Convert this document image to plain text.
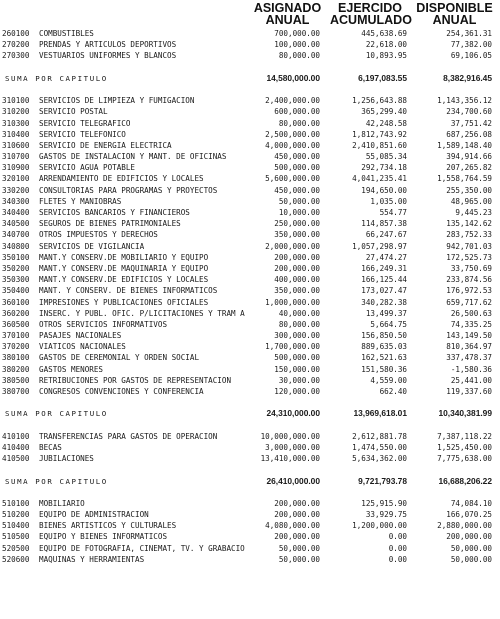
ASIGNADO
ANUAL
EJERCIDO
ACUMULADO
DISPONIBLE
ANUAL
260100	COMBUSTIBLES	700,000.00	445,638.69	254,361.31
270200	PRENDAS Y ARTICULOS DEPORTIVOS	100,000.00	22,618.00	77,382.00
270300	VESTUARIOS UNIFORMES Y BLANCOS	80,000.00	10,893.95	69,106.05
SUMA POR CAPITULO	14,580,000.00	6,197,083.55	8,382,916.45
310100	SERVICIOS DE LIMPIEZA Y FUMIGACION	2,400,000.00	1,256,643.88	1,143,356.12
310200	SERVICIO POSTAL	600,000.00	365,299.40	234,700.60
310300	SERVICIO TELEGRAFICO	80,000.00	42,248.58	37,751.42
310400	SERVICIO TELEFONICO	2,500,000.00	1,812,743.92	687,256.08
310600	SERVICIO DE ENERGIA ELECTRICA	4,000,000.00	2,410,851.60	1,589,148.40
310700	GASTOS DE INSTALACION Y MANT. DE OFICINAS	450,000.00	55,085.34	394,914.66
310900	SERVICIO AGUA POTABLE	500,000.00	292,734.18	207,265.82
320100	ARRENDAMIENTO DE EDIFICIOS Y LOCALES	5,600,000.00	4,041,235.41	1,558,764.59
330200	CONSULTORIAS PARA PROGRAMAS Y PROYECTOS	450,000.00	194,650.00	255,350.00
340300	FLETES Y MANIOBRAS	50,000.00	1,035.00	48,965.00
340400	SERVICIOS BANCARIOS Y FINANCIEROS	10,000.00	554.77	9,445.23
340500	SEGUROS DE BIENES PATRIMONIALES	250,000.00	114,857.38	135,142.62
340700	OTROS IMPUESTOS Y DERECHOS	350,000.00	66,247.67	283,752.33
340800	SERVICIOS DE VIGILANCIA	2,000,000.00	1,057,298.97	942,701.03
350100	MANT.Y CONSERV.DE MOBILIARIO Y EQUIPO	200,000.00	27,474.27	172,525.73
350200	MANT.Y CONSERV.DE MAQUINARIA Y EQUIPO	200,000.00	166,249.31	33,750.69
350300	MANT.Y CONSERV.DE EDIFICIOS Y LOCALES	400,000.00	166,125.44	233,874.56
350400	MANT. Y CONSERV. DE BIENES INFORMATICOS	350,000.00	173,027.47	176,972.53
360100	IMPRESIONES Y PUBLICACIONES OFICIALES	1,000,000.00	340,282.38	659,717.62
360200	INSERC. Y PUBL. OFIC. P/LICITACIONES Y TRAM A	40,000.00	13,499.37	26,500.63
360500	OTROS SERVICIOS INFORMATIVOS	80,000.00	5,664.75	74,335.25
370100	PASAJES NACIONALES	300,000.00	156,850.50	143,149.50
370200	VIATICOS NACIONALES	1,700,000.00	889,635.03	810,364.97
380100	GASTOS DE CEREMONIAL Y ORDEN SOCIAL	500,000.00	162,521.63	337,478.37
380200	GASTOS MENORES	150,000.00	151,580.36	-1,580.36
380500	RETRIBUCIONES POR GASTOS DE REPRESENTACION	30,000.00	4,559.00	25,441.00
380700	CONGRESOS CONVENCIONES Y CONFERENCIA	120,000.00	662.40	119,337.60
SUMA POR CAPITULO	24,310,000.00	13,969,618.01	10,340,381.99
410100	TRANSFERENCIAS PARA GASTOS DE OPERACION	10,000,000.00	2,612,881.78	7,387,118.22
410400	BECAS	3,000,000.00	1,474,550.00	1,525,450.00
410500	JUBILACIONES	13,410,000.00	5,634,362.00	7,775,638.00
SUMA POR CAPITULO	26,410,000.00	9,721,793.78	16,688,206.22
510100	MOBILIARIO	200,000.00	125,915.90	74,084.10
510200	EQUIPO DE ADMINISTRACION	200,000.00	33,929.75	166,070.25
510400	BIENES ARTISTICOS Y CULTURALES	4,080,000.00	1,200,000.00	2,880,000.00
510500	EQUIPO Y BIENES INFORMATICOS	200,000.00	0.00	200,000.00
520500	EQUIPO DE FOTOGRAFIA, CINEMAT, TV. Y GRABACIO	50,000.00	0.00	50,000.00
520600	MAQUINAS Y HERRAMIENTAS	50,000.00	0.00	50,000.00
